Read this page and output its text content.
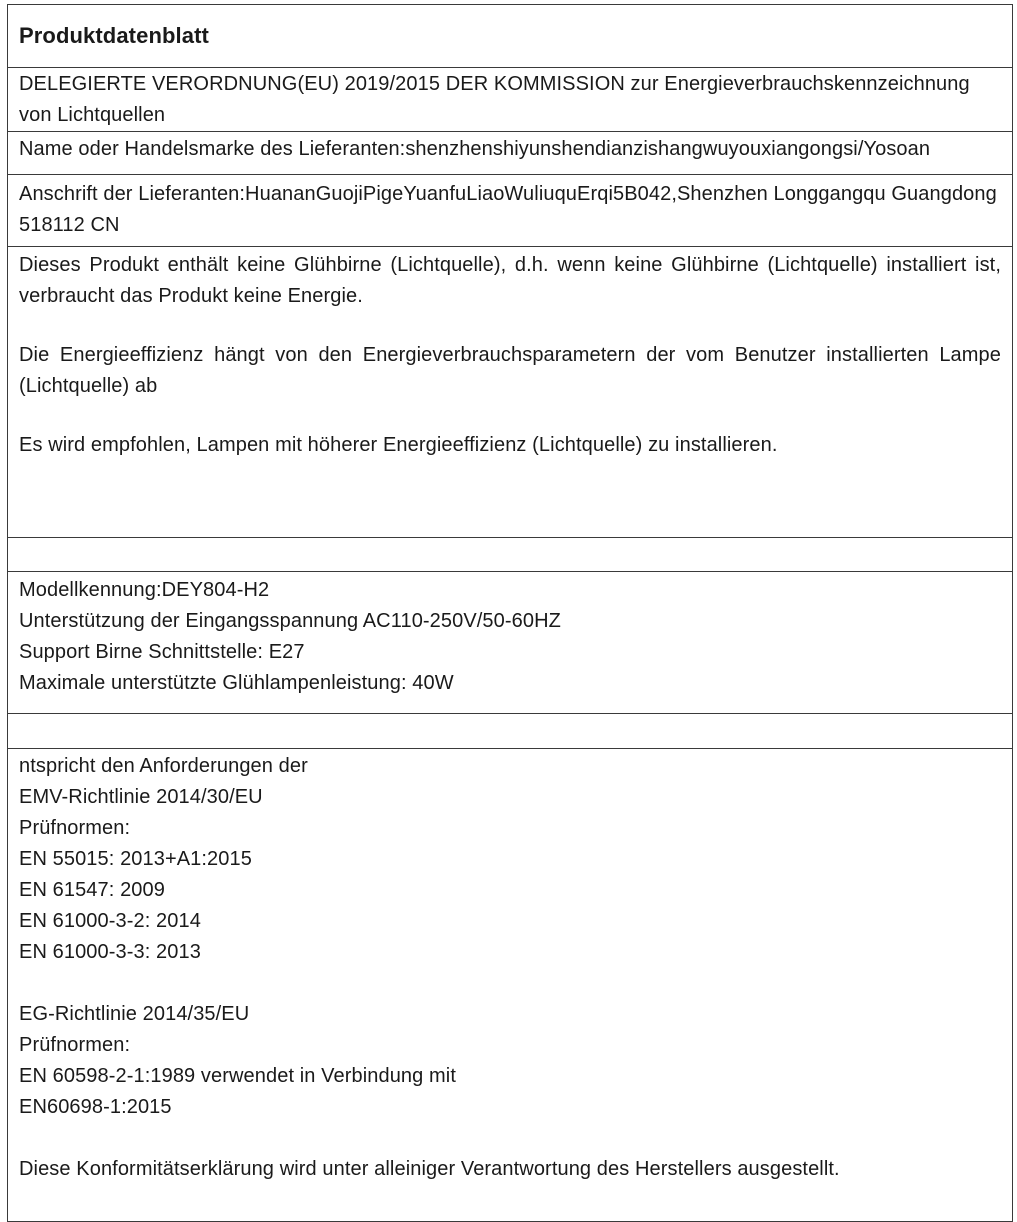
Produktdatenblatt
DELEGIERTE VERORDNUNG(EU) 2019/2015 DER KOMMISSION zur Energieverbrauchskennzeichnung von Lichtquellen
Name oder Handelsmarke des Lieferanten:shenzhenshiyunshendianzishangwuyouxiangongsi/Yosoan
Anschrift der Lieferanten:HuananGuojiPigeYuanfuLiaoWuliuquErqi5B042,Shenzhen Longgangqu Guangdong 518112 CN

Dieses Produkt enthält keine Glühbirne (Lichtquelle), d.h. wenn keine Glühbirne (Lichtquelle) installiert ist, verbraucht das Produkt keine Energie.
Die Energieeffizienz hängt von den Energieverbrauchsparametern der vom Benutzer installierten Lampe (Lichtquelle) ab
Es wird empfohlen, Lampen mit höherer Energieeffizienz (Lichtquelle) zu installieren.

Modellkennung:DEY804-H2
Unterstützung der Eingangsspannung AC110-250V/50-60HZ
Support Birne Schnittstelle: E27
Maximale unterstützte Glühlampenleistung: 40W

ntspricht den Anforderungen der
EMV-Richtlinie 2014/30/EU
Prüfnormen:
EN 55015: 2013+A1:2015
EN 61547: 2009
EN 61000-3-2: 2014
EN 61000-3-3: 2013
EG-Richtlinie 2014/35/EU
Prüfnormen:
EN 60598-2-1:1989 verwendet in Verbindung mit
EN60698-1:2015
Diese Konformitätserklärung wird unter alleiniger Verantwortung des Herstellers ausgestellt.
